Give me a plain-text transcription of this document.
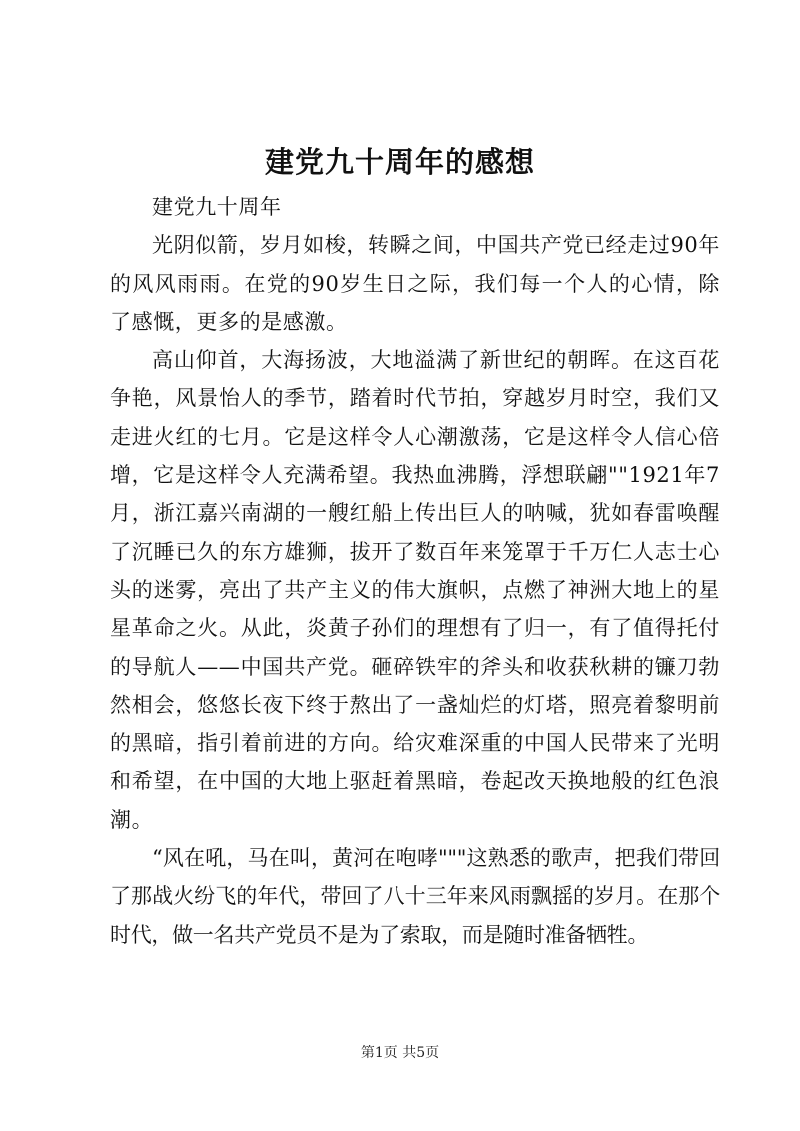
建党九十周年的感想

建党九十周年

光阴似箭，岁月如梭，转瞬之间，中国共产党已经走过90年的风风雨雨。在党的90岁生日之际，我们每一个人的心情，除了感慨，更多的是感激。

高山仰首，大海扬波，大地溢满了新世纪的朝晖。在这百花争艳，风景怡人的季节，踏着时代节拍，穿越岁月时空，我们又走进火红的七月。它是这样令人心潮激荡，它是这样令人信心倍增，它是这样令人充满希望。我热血沸腾，浮想联翩""1921年7月，浙江嘉兴南湖的一艘红船上传出巨人的呐喊，犹如春雷唤醒了沉睡已久的东方雄狮，拔开了数百年来笼罩于千万仁人志士心头的迷雾，亮出了共产主义的伟大旗帜，点燃了神洲大地上的星星革命之火。从此，炎黄子孙们的理想有了归一，有了值得托付的导航人——中国共产党。砸碎铁牢的斧头和收获秋耕的镰刀勃然相会，悠悠长夜下终于熬出了一盏灿烂的灯塔，照亮着黎明前的黑暗，指引着前进的方向。给灾难深重的中国人民带来了光明和希望，在中国的大地上驱赶着黑暗，卷起改天换地般的红色浪潮。

“风在吼，马在叫，黄河在咆哮"""这熟悉的歌声，把我们带回了那战火纷飞的年代，带回了八十三年来风雨飘摇的岁月。在那个时代，做一名共产党员不是为了索取，而是随时准备牺牲。

第1页 共5页
